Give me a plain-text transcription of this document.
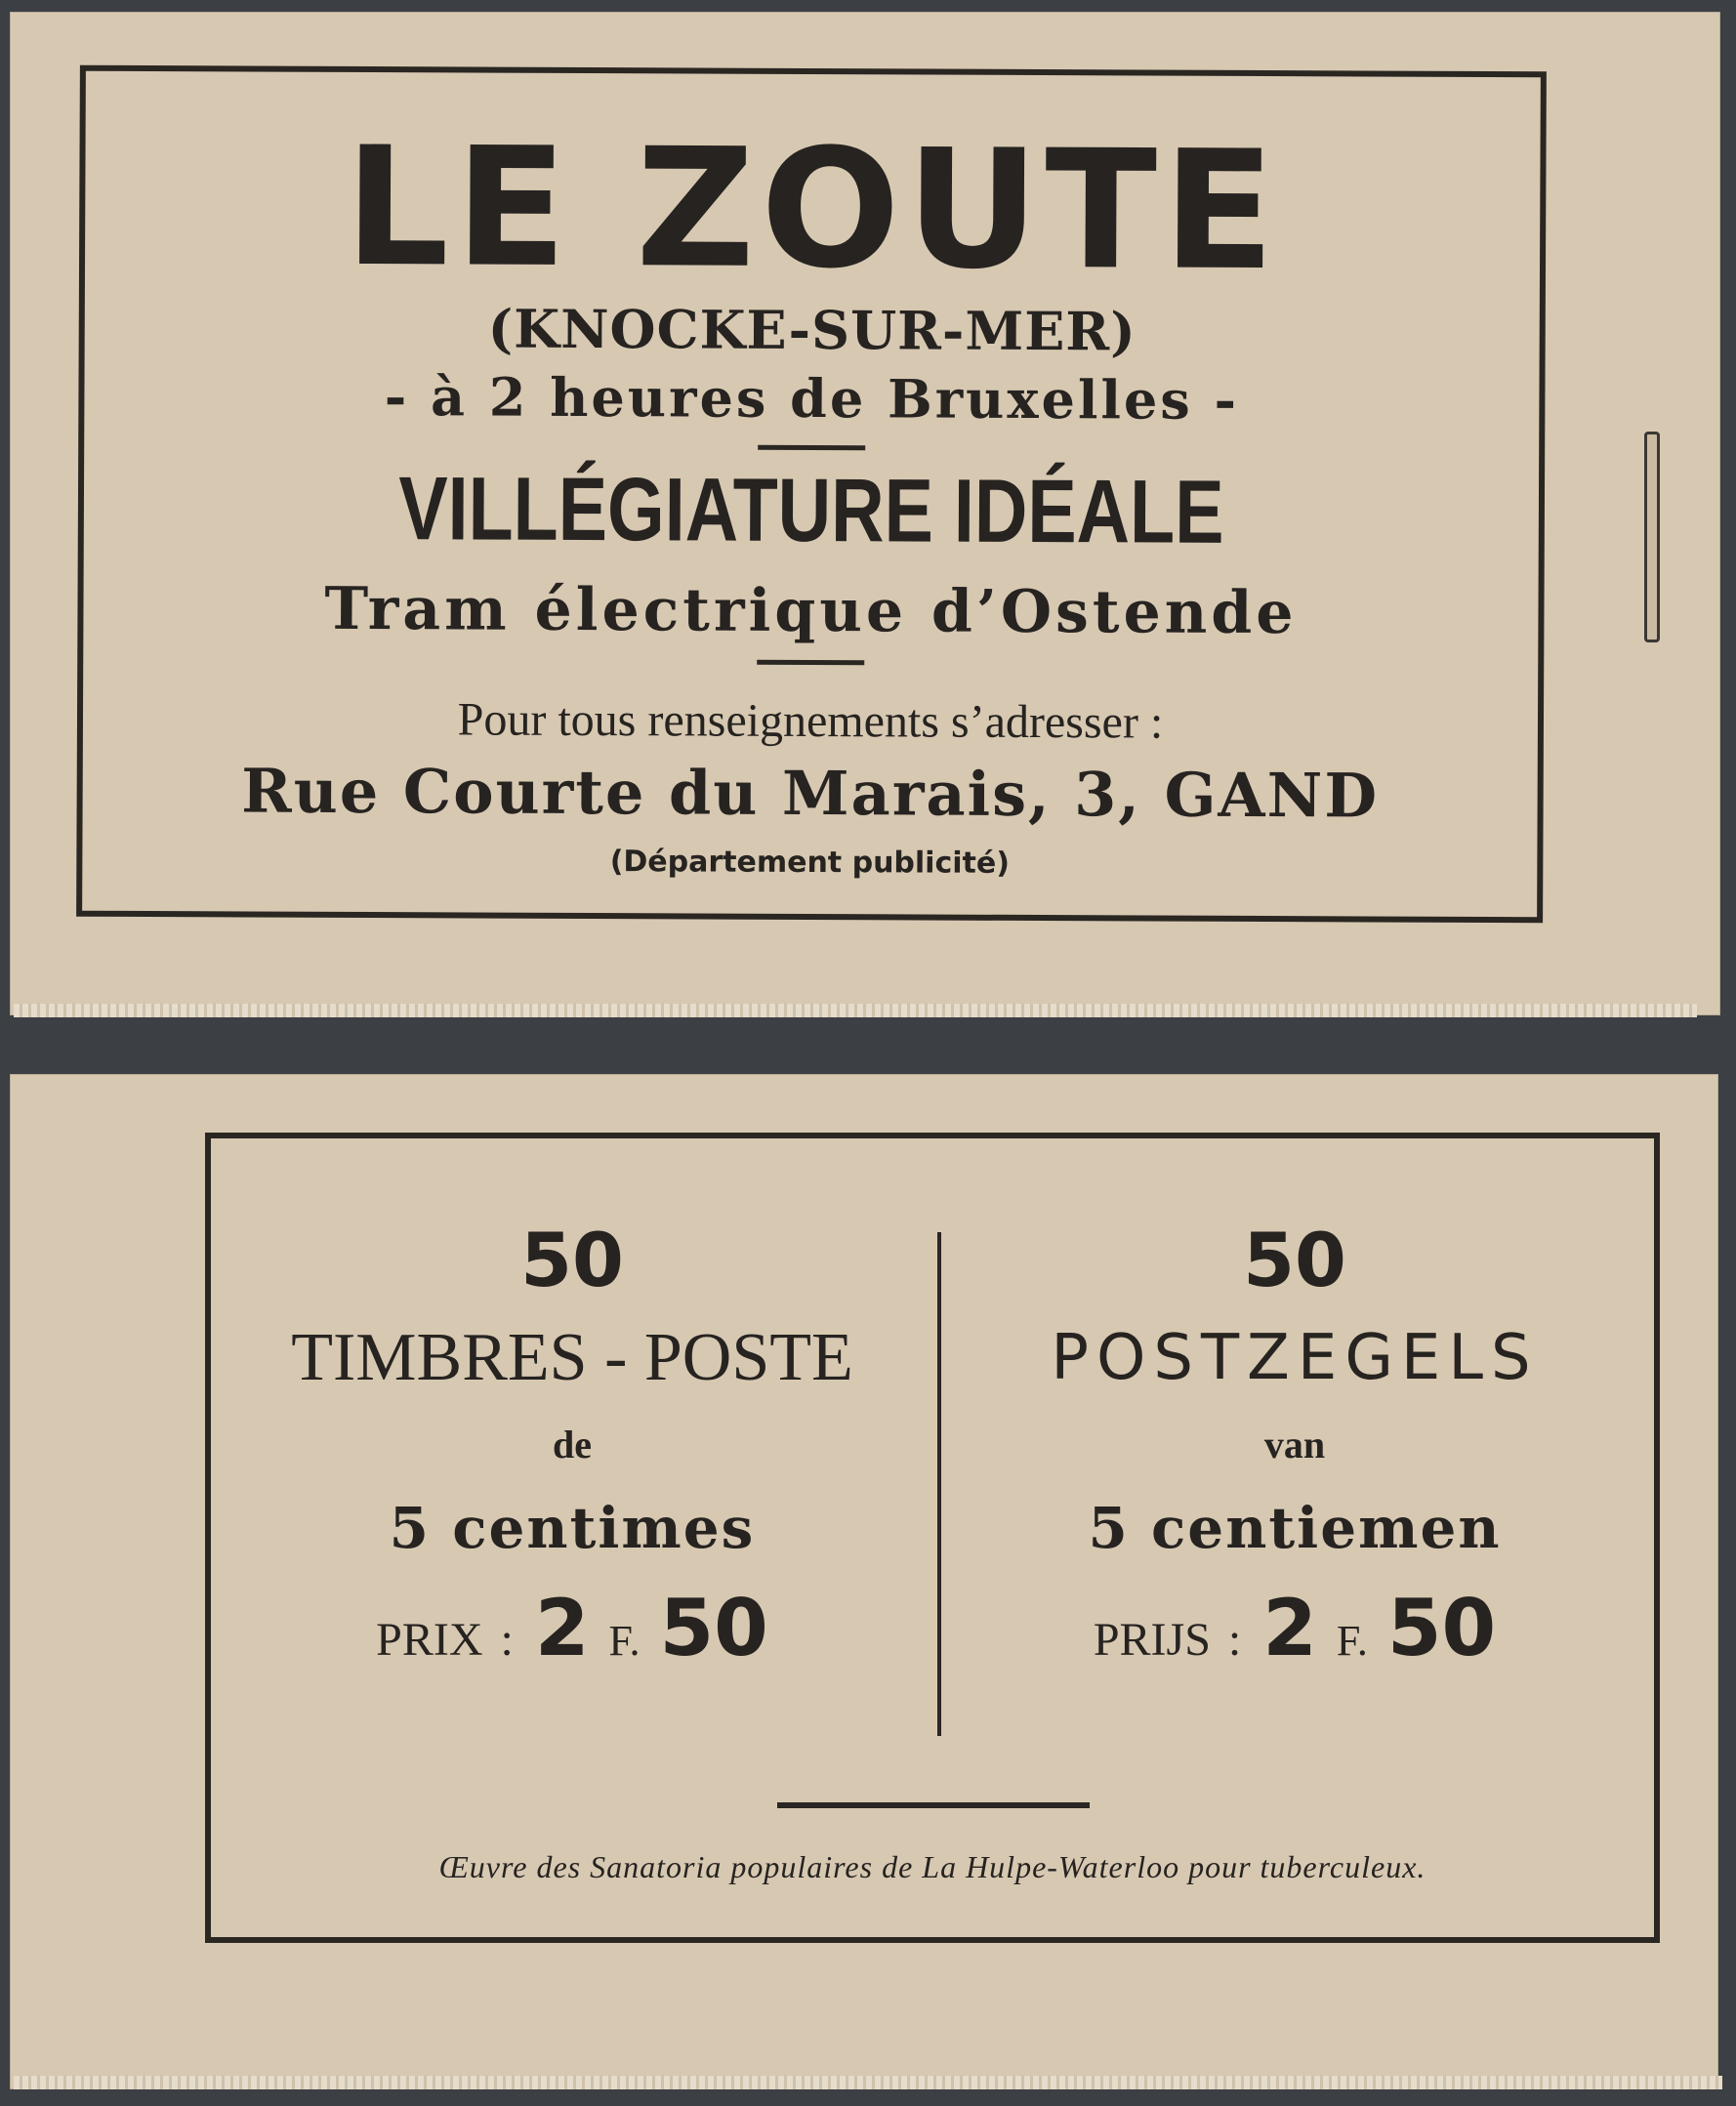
LE ZOUTE
(KNOCKE-SUR-MER)
- à 2 heures de Bruxelles -
VILLÉGIATURE IDÉALE
Tram électrique d’Ostende
Pour tous renseignements s’adresser :
Rue Courte du Marais, 3, GAND
(Département publicité)
50
TIMBRES - POSTE
de
5 centimes
PRIX : 2 F. 50
50
POSTZEGELS
van
5 centiemen
PRIJS : 2 F. 50
Œuvre des Sanatoria populaires de La Hulpe-Waterloo pour tuberculeux.
